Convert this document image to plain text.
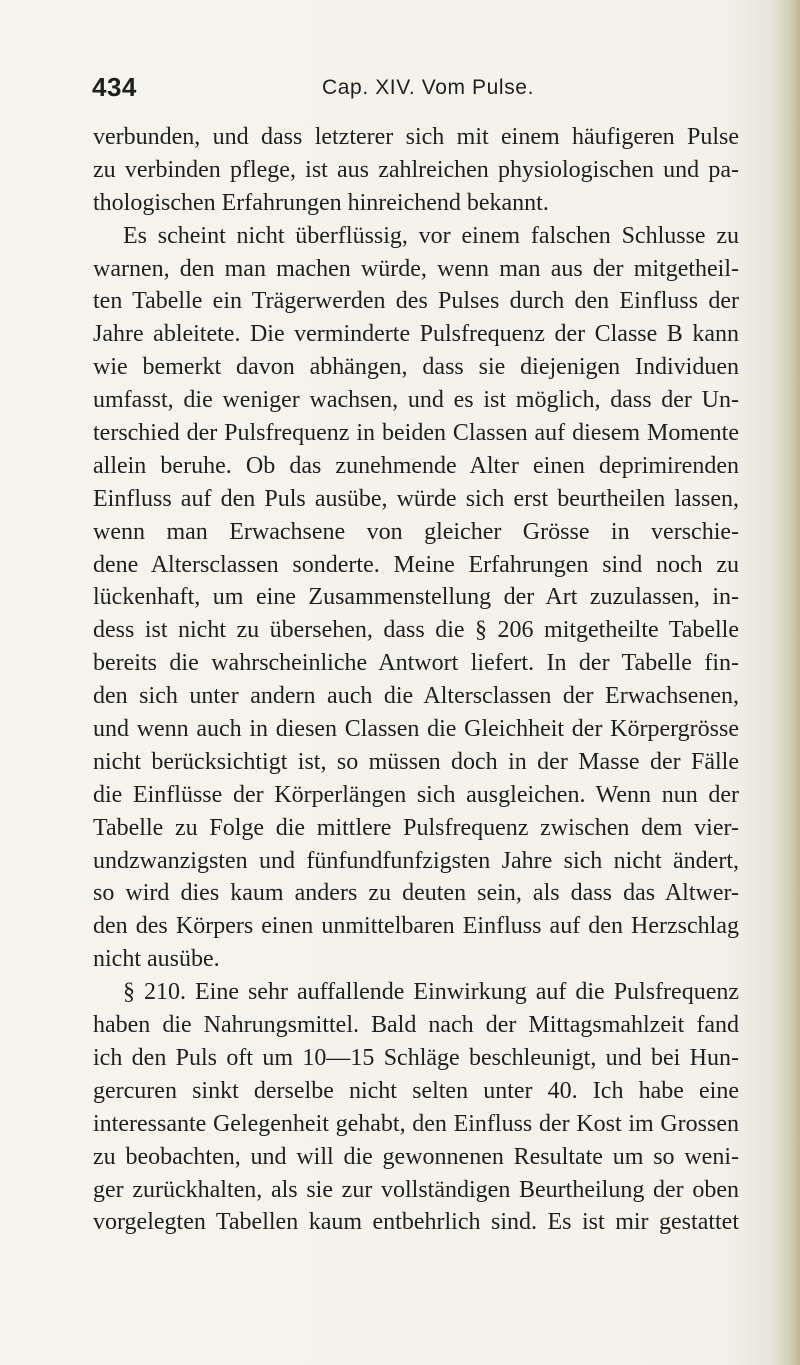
434	Cap. XIV. Vom Pulse.
verbunden, und dass letzterer sich mit einem häufigeren Pulse
zu verbinden pflege, ist aus zahlreichen physiologischen und pa-
thologischen Erfahrungen hinreichend bekannt.
Es scheint nicht überflüssig, vor einem falschen Schlusse zu
warnen, den man machen würde, wenn man aus der mitgetheil-
ten Tabelle ein Trägerwerden des Pulses durch den Einfluss der
Jahre ableitete. Die verminderte Pulsfrequenz der Classe B kann
wie bemerkt davon abhängen, dass sie diejenigen Individuen
umfasst, die weniger wachsen, und es ist möglich, dass der Un-
terschied der Pulsfrequenz in beiden Classen auf diesem Momente
allein beruhe. Ob das zunehmende Alter einen deprimirenden
Einfluss auf den Puls ausübe, würde sich erst beurtheilen lassen,
wenn man Erwachsene von gleicher Grösse in verschie-
dene Altersclassen sonderte. Meine Erfahrungen sind noch zu
lückenhaft, um eine Zusammenstellung der Art zuzulassen, in-
dess ist nicht zu übersehen, dass die § 206 mitgetheilte Tabelle
bereits die wahrscheinliche Antwort liefert. In der Tabelle fin-
den sich unter andern auch die Altersclassen der Erwachsenen,
und wenn auch in diesen Classen die Gleichheit der Körpergrösse
nicht berücksichtigt ist, so müssen doch in der Masse der Fälle
die Einflüsse der Körperlängen sich ausgleichen. Wenn nun der
Tabelle zu Folge die mittlere Pulsfrequenz zwischen dem vier-
undzwanzigsten und fünfundfunfzigsten Jahre sich nicht ändert,
so wird dies kaum anders zu deuten sein, als dass das Altwer-
den des Körpers einen unmittelbaren Einfluss auf den Herzschlag
nicht ausübe.
§ 210. Eine sehr auffallende Einwirkung auf die Pulsfrequenz
haben die Nahrungsmittel. Bald nach der Mittagsmahlzeit fand
ich den Puls oft um 10—15 Schläge beschleunigt, und bei Hun-
gercuren sinkt derselbe nicht selten unter 40. Ich habe eine
interessante Gelegenheit gehabt, den Einfluss der Kost im Grossen
zu beobachten, und will die gewonnenen Resultate um so weni-
ger zurückhalten, als sie zur vollständigen Beurtheilung der oben
vorgelegten Tabellen kaum entbehrlich sind. Es ist mir gestattet
